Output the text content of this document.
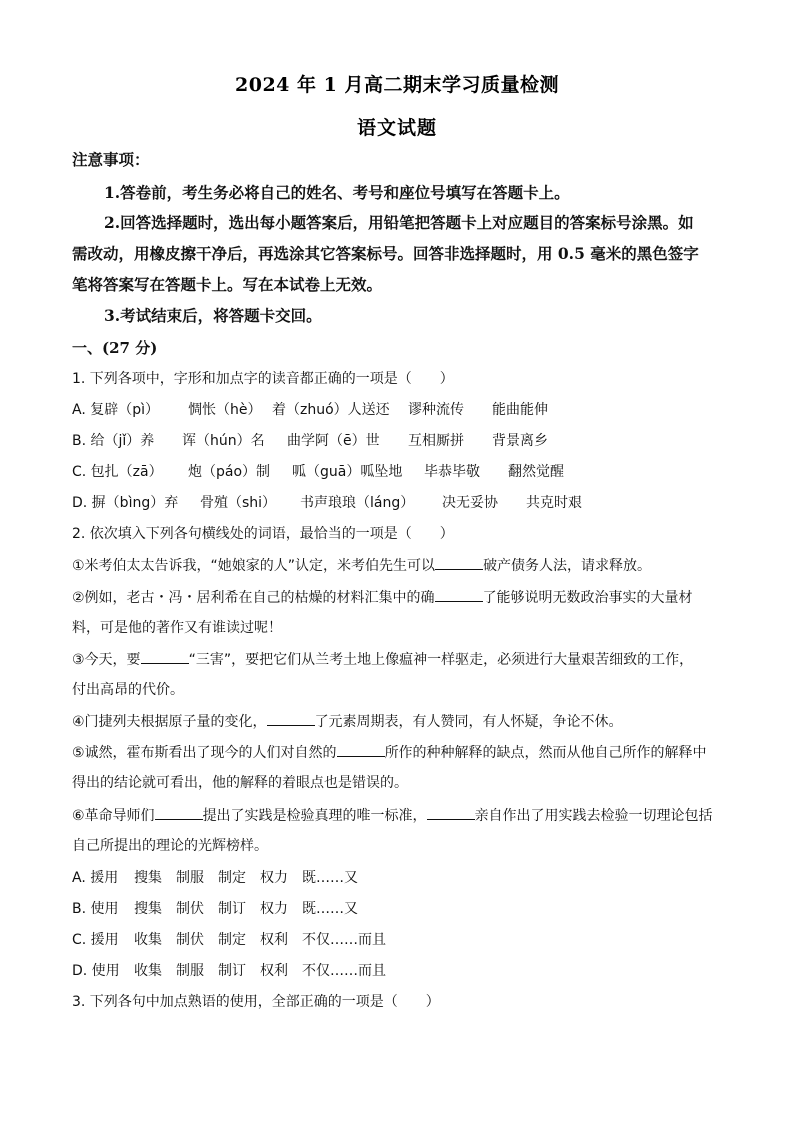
2024 年 1 月高二期末学习质量检测
语文试题
注意事项：
1.答卷前，考生务必将自己的姓名、考号和座位号填写在答题卡上。
2.回答选择题时，选出每小题答案后，用铅笔把答题卡上对应题目的答案标号涂黑。如
需改动，用橡皮擦干净后，再选涂其它答案标号。回答非选择题时，用 0.5 毫米的黑色签字
笔将答案写在答题卡上。写在本试卷上无效。
3.考试结束后，将答题卡交回。
一、(27 分)
1. 下列各项中，字形和加点字的读音都正确的一项是（　　）
A. 复辟（pì） 惆怅（hè） 着（zhuó）人送还 谬种流传 能曲能伸
B. 给（jǐ）养 诨（hún）名 曲学阿（ē）世 互相厮拼 背景离乡
C. 包扎（zā） 炮（páo）制 呱（guā）呱坠地 毕恭毕敬 翻然觉醒
D. 摒（bìng）弃 骨殖（shi） 书声琅琅（láng） 决无妥协 共克时艰
2. 依次填入下列各句横线处的词语，最恰当的一项是（　　）
①米考伯太太告诉我，“她娘家的人”认定，米考伯先生可以	破产债务人法，请求释放。
②例如，老古・冯・居利希在自己的枯燥的材料汇集中的确	了能够说明无数政治事实的大量材
料，可是他的著作又有谁读过呢！
③今天，要	“三害”，要把它们从兰考土地上像瘟神一样驱走，必须进行大量艰苦细致的工作，
付出高昂的代价。
④门捷列夫根据原子量的变化，	了元素周期表，有人赞同，有人怀疑，争论不休。
⑤诚然，霍布斯看出了现今的人们对自然的	所作的种种解释的缺点，然而从他自己所作的解释中
得出的结论就可看出，他的解释的着眼点也是错误的。
⑥革命导师们	提出了实践是检验真理的唯一标准，	亲自作出了用实践去检验一切理论包括
自己所提出的理论的光辉榜样。
A. 援用 搜集 制服 制定 权力 既……又
B. 使用 搜集 制伏 制订 权力 既……又
C. 援用 收集 制伏 制定 权利 不仅……而且
D. 使用 收集 制服 制订 权利 不仅……而且
3. 下列各句中加点熟语的使用，全部正确的一项是（　　）
